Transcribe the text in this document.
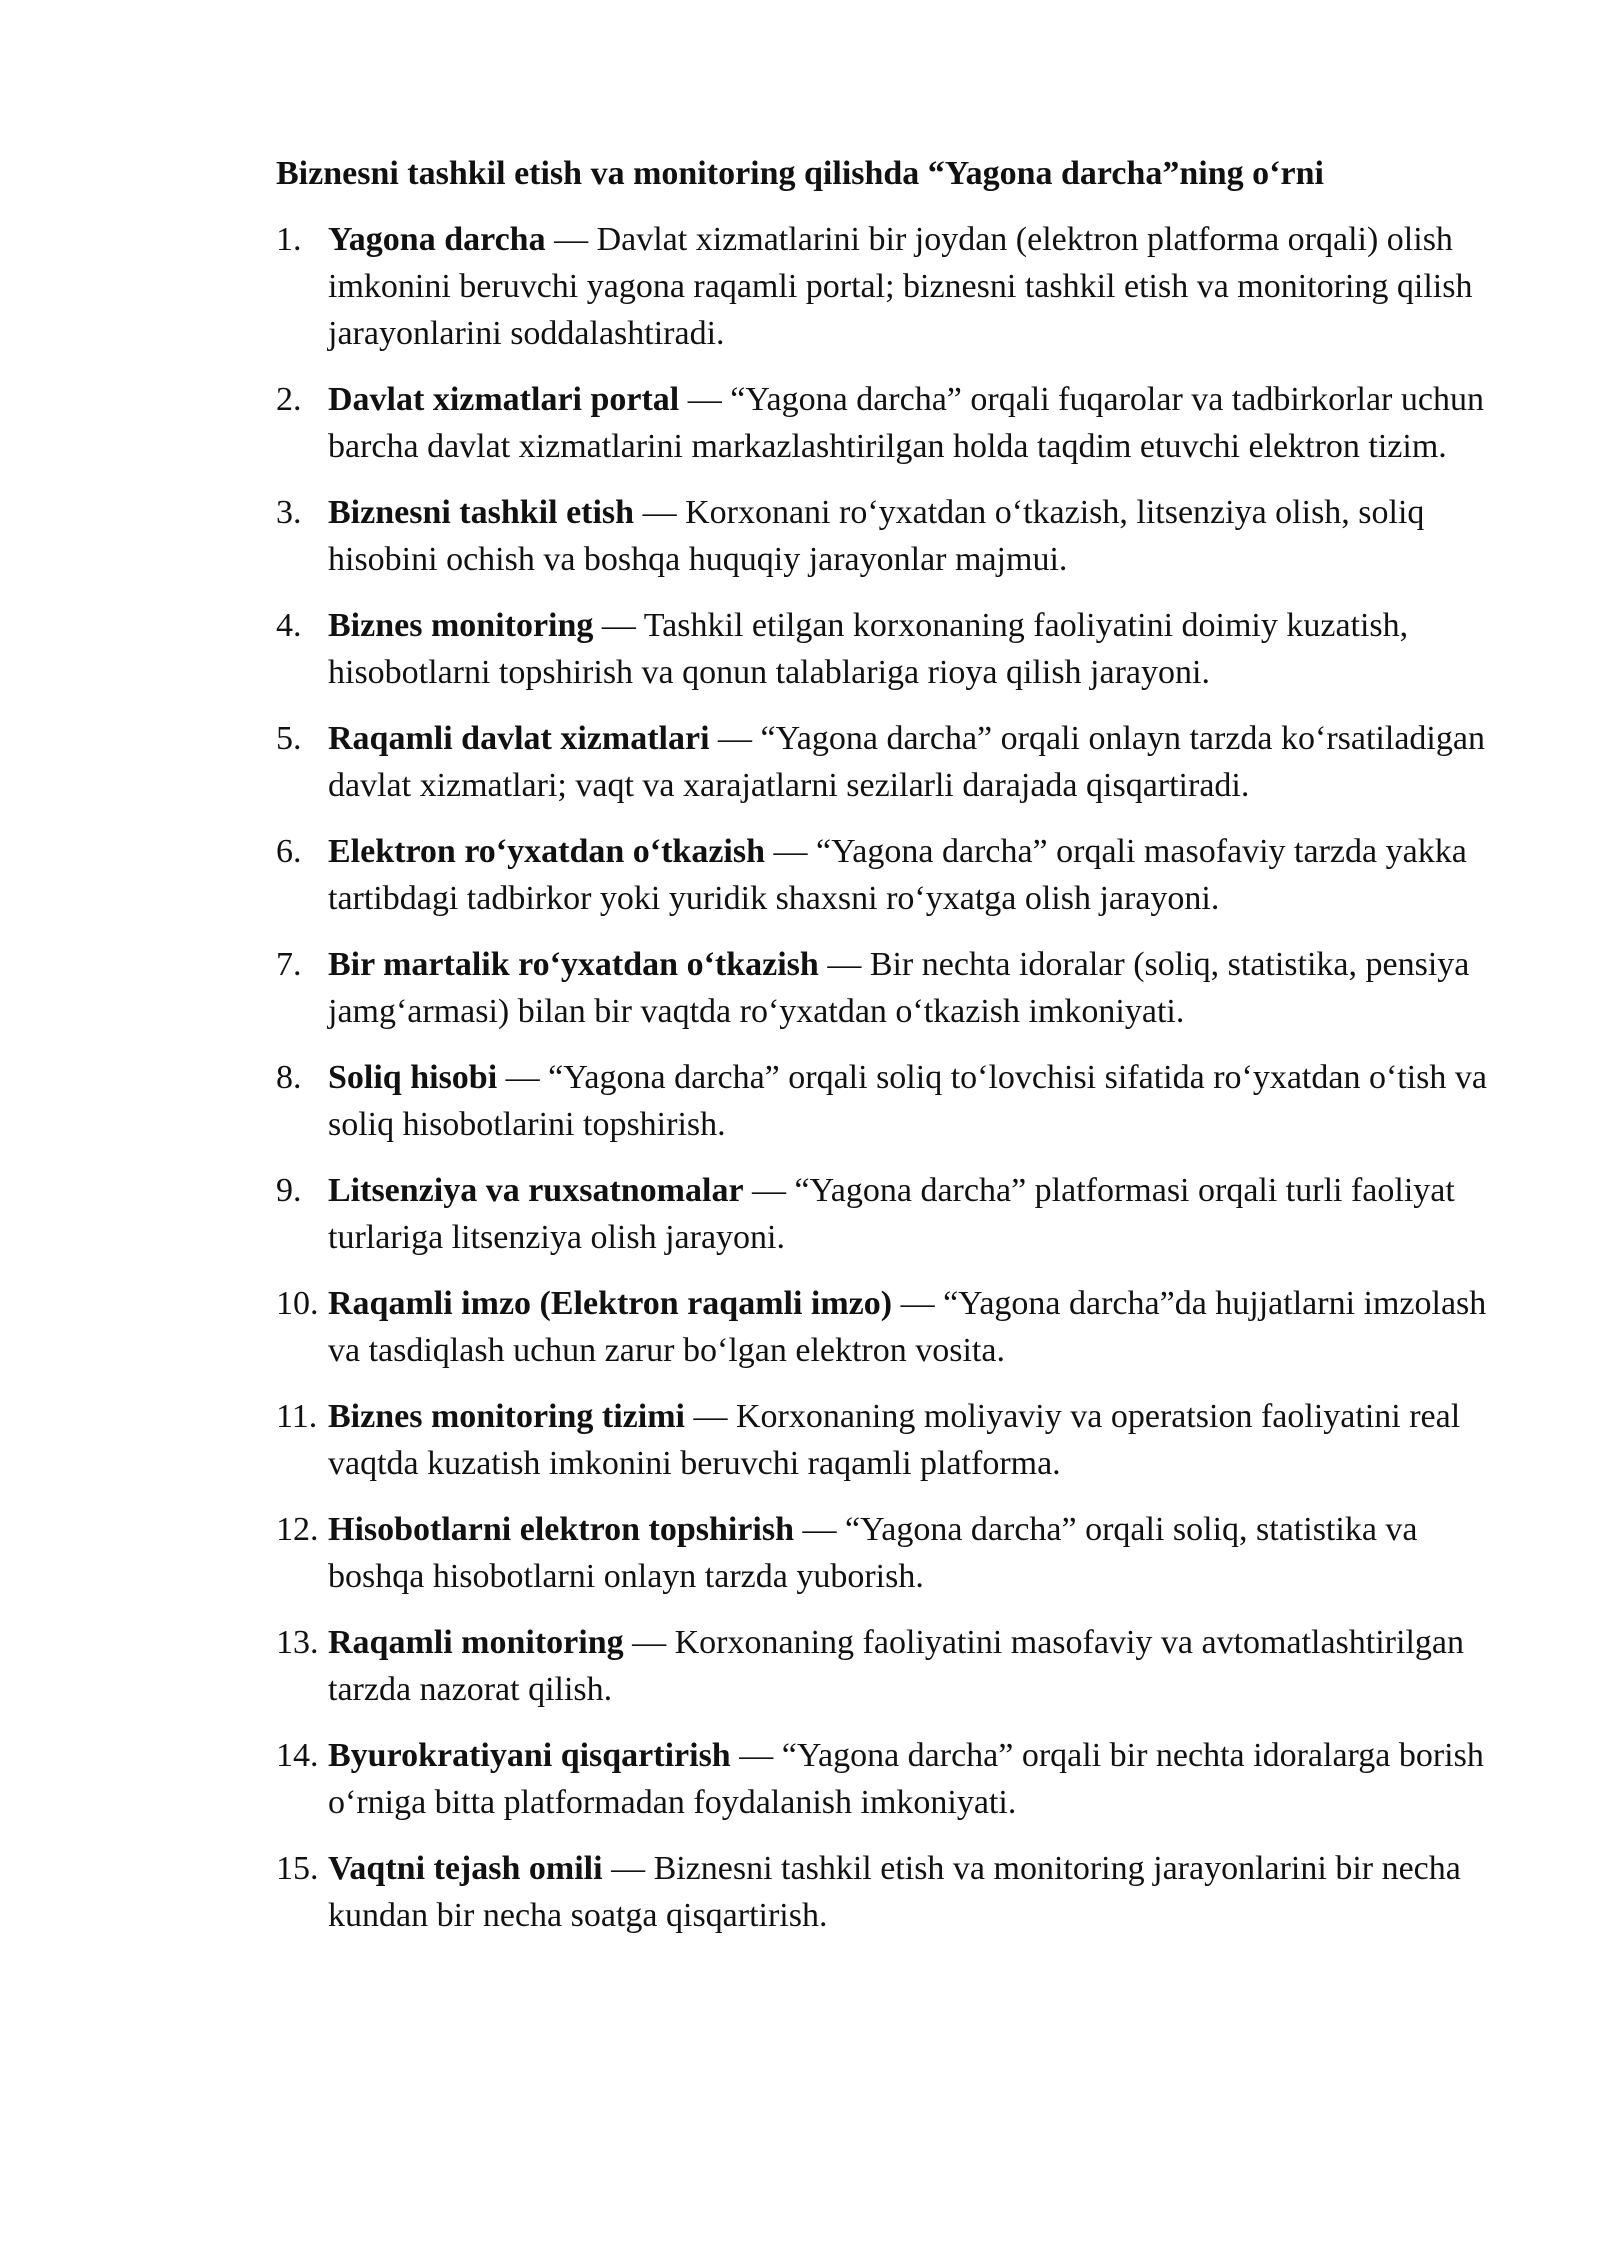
Biznesni tashkil etish va monitoring qilishda “Yagona darcha”ning o‘rni
1. Yagona darcha — Davlat xizmatlarini bir joydan (elektron platforma orqali) olish imkonini beruvchi yagona raqamli portal; biznesni tashkil etish va monitoring qilish jarayonlarini soddalashtiradi.
2. Davlat xizmatlari portal — “Yagona darcha” orqali fuqarolar va tadbirkorlar uchun barcha davlat xizmatlarini markazlashtirilgan holda taqdim etuvchi elektron tizim.
3. Biznesni tashkil etish — Korxonani ro‘yxatdan o‘tkazish, litsenziya olish, soliq hisobini ochish va boshqa huquqiy jarayonlar majmui.
4. Biznes monitoring — Tashkil etilgan korxonaning faoliyatini doimiy kuzatish, hisobotlarni topshirish va qonun talablariga rioya qilish jarayoni.
5. Raqamli davlat xizmatlari — “Yagona darcha” orqali onlayn tarzda ko‘rsatiladigan davlat xizmatlari; vaqt va xarajatlarni sezilarli darajada qisqartiradi.
6. Elektron ro‘yxatdan o‘tkazish — “Yagona darcha” orqali masofaviy tarzda yakka tartibdagi tadbirkor yoki yuridik shaxsni ro‘yxatga olish jarayoni.
7. Bir martalik ro‘yxatdan o‘tkazish — Bir nechta idoralar (soliq, statistika, pensiya jamg‘armasi) bilan bir vaqtda ro‘yxatdan o‘tkazish imkoniyati.
8. Soliq hisobi — “Yagona darcha” orqali soliq to‘lovchisi sifatida ro‘yxatdan o‘tish va soliq hisobotlarini topshirish.
9. Litsenziya va ruxsatnomalar — “Yagona darcha” platformasi orqali turli faoliyat turlariga litsenziya olish jarayoni.
10. Raqamli imzo (Elektron raqamli imzo) — “Yagona darcha”da hujjatlarni imzolash va tasdiqlash uchun zarur bo‘lgan elektron vosita.
11. Biznes monitoring tizimi — Korxonaning moliyaviy va operatsion faoliyatini real vaqtda kuzatish imkonini beruvchi raqamli platforma.
12. Hisobotlarni elektron topshirish — “Yagona darcha” orqali soliq, statistika va boshqa hisobotlarni onlayn tarzda yuborish.
13. Raqamli monitoring — Korxonaning faoliyatini masofaviy va avtomatlashtirilgan tarzda nazorat qilish.
14. Byurokratiyani qisqartirish — “Yagona darcha” orqali bir nechta idoralarga borish o‘rniga bitta platformadan foydalanish imkoniyati.
15. Vaqtni tejash omili — Biznesni tashkil etish va monitoring jarayonlarini bir necha kundan bir necha soatga qisqartirish.
